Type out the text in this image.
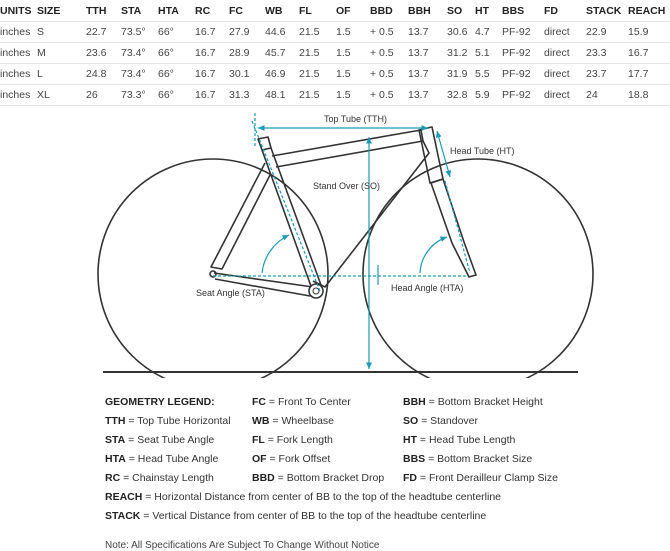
UNITS	SIZE	TTH	STA	HTA	RC	FC	WB	FL	OF	BBD	BBH	SO	HT	BBS	FD	STACK	REACH
inches	S	22.7	73.5°	66°	16.7	27.9	44.6	21.5	1.5	+ 0.5	13.7	30.6	4.7	PF-92	direct	22.9	15.9
inches	M	23.6	73.4°	66°	16.7	28.9	45.7	21.5	1.5	+ 0.5	13.7	31.2	5.1	PF-92	direct	23.3	16.7
inches	L	24.8	73.4°	66°	16.7	30.1	46.9	21.5	1.5	+ 0.5	13.7	31.9	5.5	PF-92	direct	23.7	17.7
inches	XL	26	73.3°	66°	16.7	31.3	48.1	21.5	1.5	+ 0.5	13.7	32.8	5.9	PF-92	direct	24	18.8
Top Tube (TTH)
Head Tube (HT)
Stand Over (SO)
Seat Angle (STA)	Head Angle (HTA)
GEOMETRY LEGEND:	FC = Front To Center	BBH = Bottom Bracket Height
TTH = Top Tube Horizontal WB = Wheelbase	SO = Standover
STA = Seat Tube Angle	FL = Fork Length	HT = Head Tube Length
HTA = Head Tube Angle	OF = Fork Offset	BBS = Bottom Bracket Size
RC = Chainstay Length	BBD = Bottom Bracket Drop FD = Front Derailleur Clamp Size
REACH = Horizontal Distance from center of BB to the top of the headtube centerline
STACK = Vertical Distance from center of BB to the top of the headtube centerline
Note: All Specifications Are Subject To Change Without Notice
